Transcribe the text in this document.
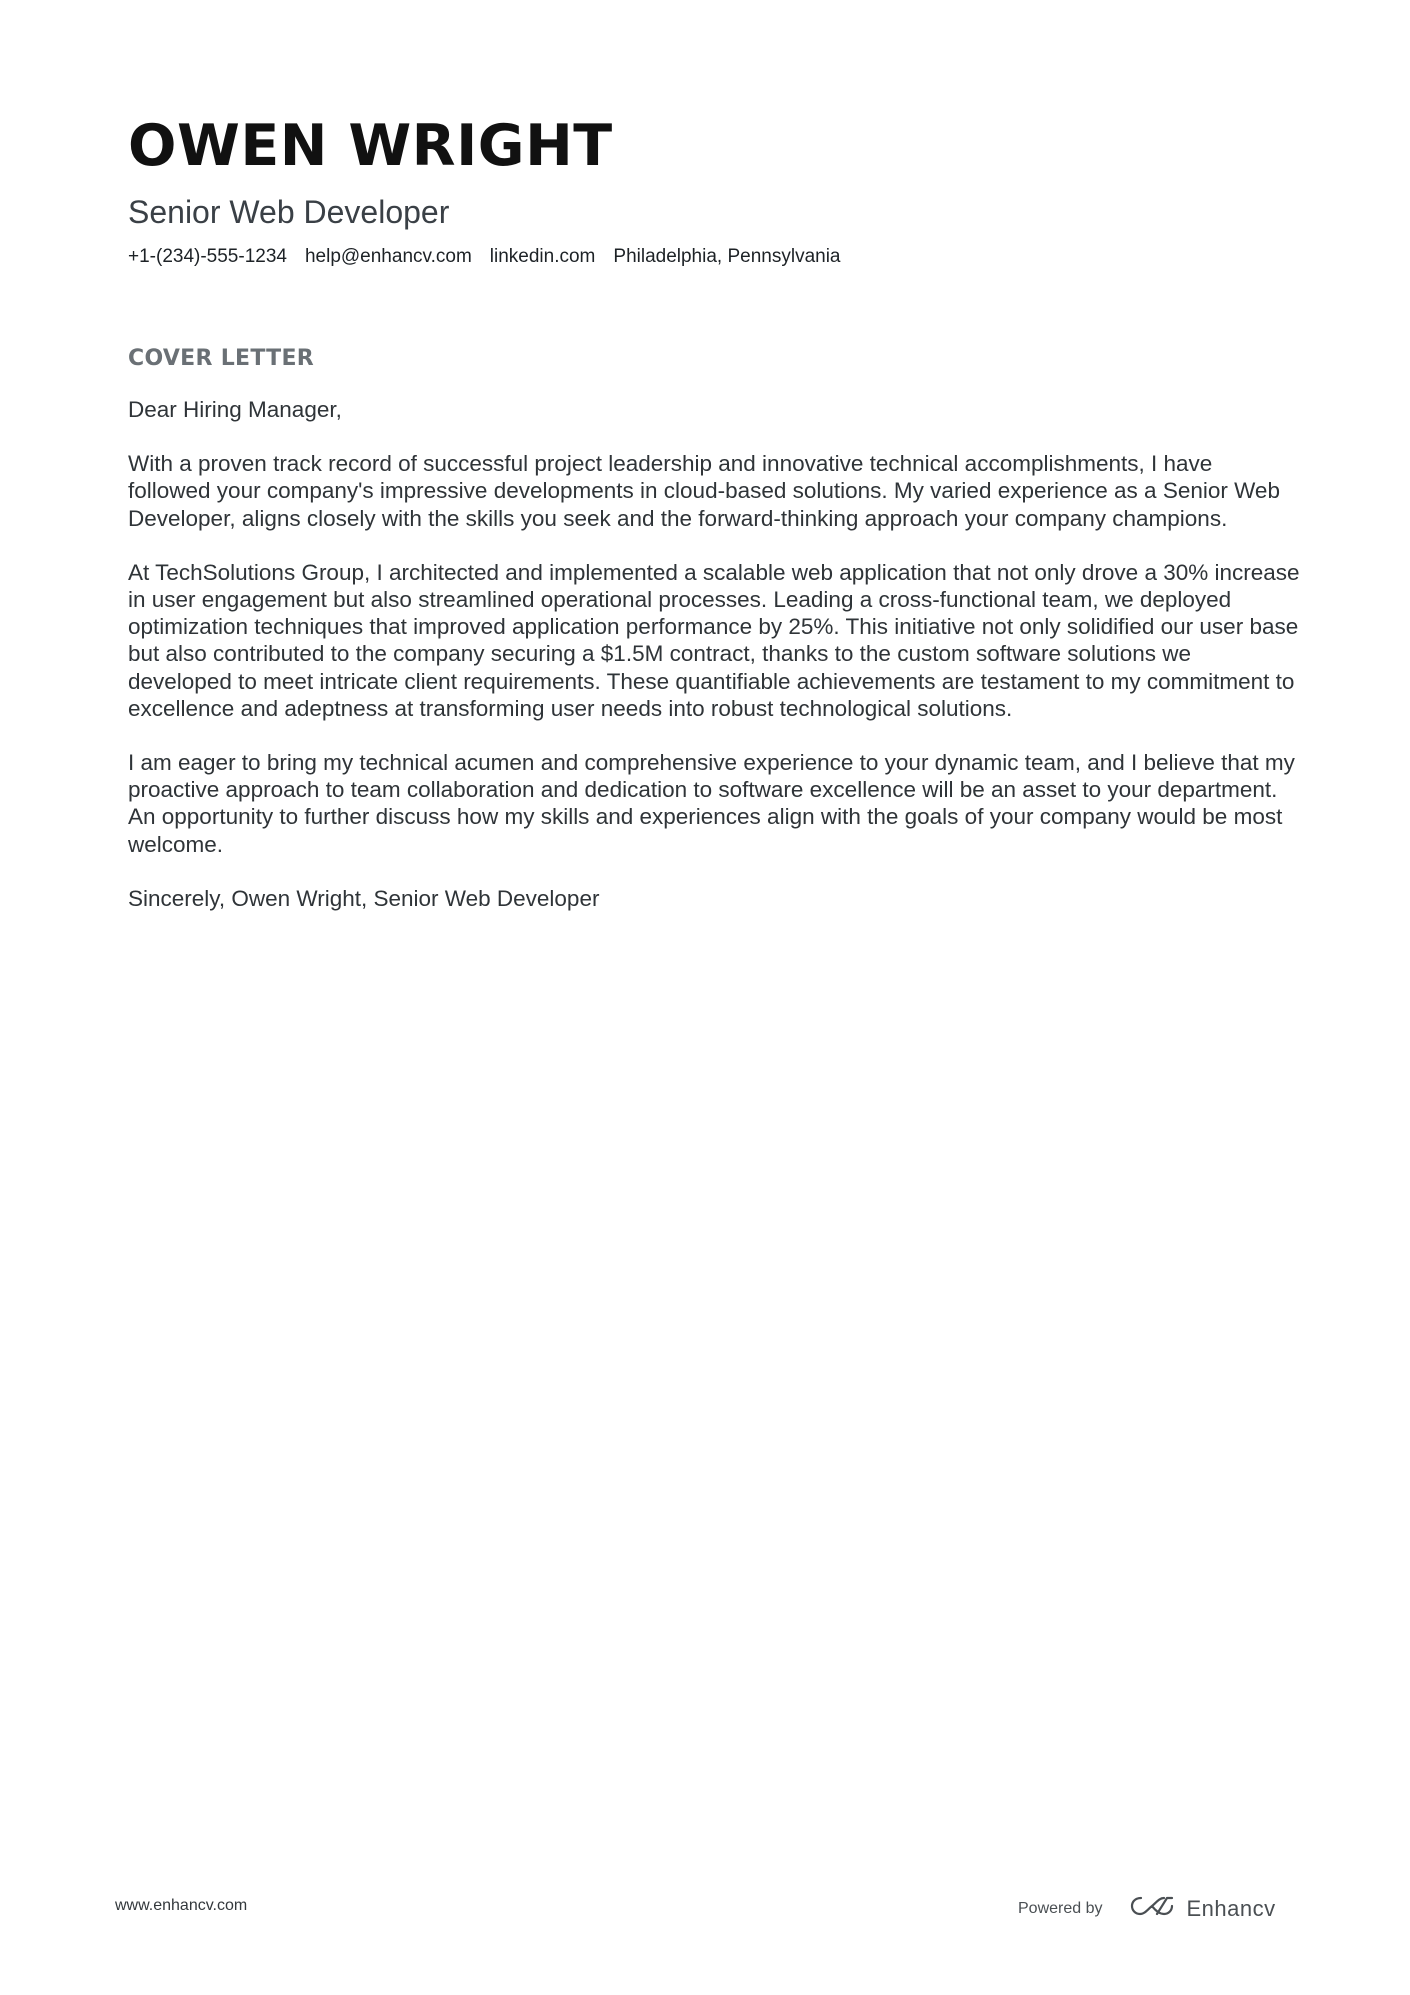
OWEN WRIGHT
Senior Web Developer
+1-(234)-555-1234 help@enhancv.com linkedin.com Philadelphia, Pennsylvania
COVER LETTER

Dear Hiring Manager,

With a proven track record of successful project leadership and innovative technical accomplishments, I have followed your company's impressive developments in cloud-based solutions. My varied experience as a Senior Web Developer, aligns closely with the skills you seek and the forward-thinking approach your company champions.

At TechSolutions Group, I architected and implemented a scalable web application that not only drove a 30% increase in user engagement but also streamlined operational processes. Leading a cross-functional team, we deployed optimization techniques that improved application performance by 25%. This initiative not only solidified our user base but also contributed to the company securing a $1.5M contract, thanks to the custom software solutions we developed to meet intricate client requirements. These quantifiable achievements are testament to my commitment to excellence and adeptness at transforming user needs into robust technological solutions.

I am eager to bring my technical acumen and comprehensive experience to your dynamic team, and I believe that my proactive approach to team collaboration and dedication to software excellence will be an asset to your department. An opportunity to further discuss how my skills and experiences align with the goals of your company would be most welcome.

Sincerely, Owen Wright, Senior Web Developer

www.enhancv.com	Powered by	Enhancv
